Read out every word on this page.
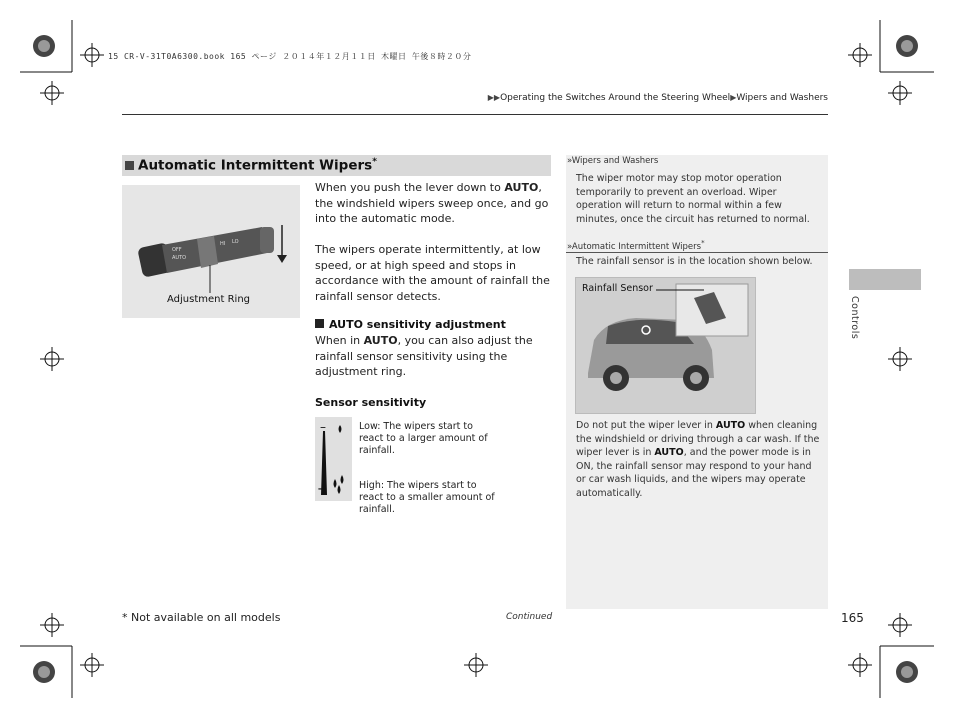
15 CR-V-31T0A6300.book 165 ページ ２０１４年１２月１１日 木曜日 午後８時２０分
▶▶Operating the Switches Around the Steering Wheel▶Wipers and Washers
Automatic Intermittent Wipers*
OFF
AUTO
HI LO
Adjustment Ring
When you push the lever down to AUTO, the windshield wipers sweep once, and go into the automatic mode.
The wipers operate intermittently, at low speed, or at high speed and stops in accordance with the amount of rainfall the rainfall sensor detects.
AUTO sensitivity adjustment
When in AUTO, you can also adjust the rainfall sensor sensitivity using the adjustment ring.
Sensor sensitivity
–
+
Low: The wipers start to react to a larger amount of rainfall.
High: The wipers start to react to a smaller amount of rainfall.
»Wipers and Washers
The wiper motor may stop motor operation temporarily to prevent an overload. Wiper operation will return to normal within a few minutes, once the circuit has returned to normal.
»Automatic Intermittent Wipers*
The rainfall sensor is in the location shown below.
Rainfall Sensor
Do not put the wiper lever in AUTO when cleaning the windshield or driving through a car wash. If the wiper lever is in AUTO, and the power mode is in ON, the rainfall sensor may respond to your hand or car wash liquids, and the wipers may operate automatically.
Controls
* Not available on all models	Continued	165
